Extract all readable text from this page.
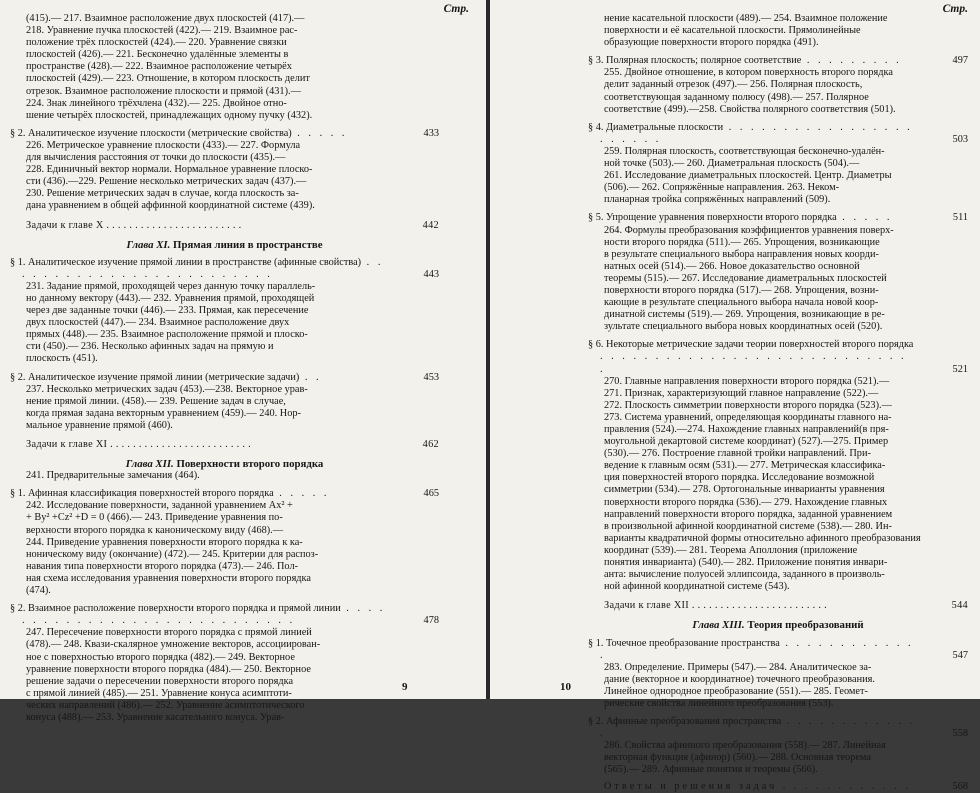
Стр.
(415).— 217. Взаимное расположение двух плоскостей (417).—
218. Уравнение пучка плоскостей (422).— 219. Взаимное рас-
положение трёх плоскостей (424).— 220. Уравнение связки
плоскостей (426).— 221. Бесконечно удалённые элементы в
пространстве (428).— 222. Взаимное расположение четырёх
плоскостей (429).— 223. Отношение, в котором плоскость делит
отрезок. Взаимное расположение плоскости и прямой (431).—
224. Знак линейного трёхчлена (432).— 225. Двойное отно-
шение четырёх плоскостей, принадлежащих одному пучку (432).
§ 2. Аналитическое изучение плоскости (метрические свойства) . . . . .	433
226. Метрическое уравнение плоскости (433).— 227. Формула
для вычисления расстояния от точки до плоскости (435).—
228. Единичный вектор нормали. Нормальное уравнение плоско-
сти (436).—229. Решение несколько метрических задач (437).—
230. Решение метрических задач в случае, когда плоскость за-
дана уравнением в общей аффинной координатной системе (439).
Задачи к главе X . . . . . . . . . . . . . . . . . . . . . . . .	442
Глава XI. Прямая линия в пространстве
§ 1. Аналитическое изучение прямой линии в пространстве (афинные свойства) . . . . . . . . . . . . . . . . . . . . . . . . .	443
231. Задание прямой, проходящей через данную точку параллель-
но данному вектору (443).— 232. Уравнения прямой, проходящей
через две заданные точки (446).— 233. Прямая, как пересечение
двух плоскостей (447).— 234. Взаимное расположение двух
прямых (448).— 235. Взаимное расположение прямой и плоско-
сти (450).— 236. Несколько афинных задач на прямую и
плоскость (451).
§ 2. Аналитическое изучение прямой линии (метрические задачи) . .	453
237. Несколько метрических задач (453).—238. Векторное урав-
нение прямой линии. (458).— 239. Решение задач в случае,
когда прямая задана векторным уравнением (459).— 240. Нор-
мальное уравнение прямой (460).
Задачи к главе XI . . . . . . . . . . . . . . . . . . . . . . . . .	462
Глава XII. Поверхности второго порядка
241. Предварительные замечания (464).
§ 1. Афинная классификация поверхностей второго порядка . . . . .	465
242. Исследование поверхности, заданной уравнением Ax² +
+ By² +Cz² +D = 0 (466).— 243. Приведение уравнения по-
верхности второго порядка к каноническому виду (468).—
244. Приведение уравнения поверхности второго порядка к ка-
ноническому виду (окончание) (472).— 245. Критерии для распоз-
навания типа поверхности второго порядка (473).— 246. Пол-
ная схема исследования уравнения поверхности второго порядка
(474).
§ 2. Взаимное расположение поверхности второго порядка и прямой линии . . . . . . . . . . . . . . . . . . . . . . . . . . . . .	478
247. Пересечение поверхности второго порядка с прямой линией
(478).— 248. Квази-скалярное умножение векторов, ассоциирован-
ное с поверхностью второго порядка (482).— 249. Векторное
уравнение поверхности второго порядка (484).— 250. Векторное
решение задачи о пересечении поверхности второго порядка
с прямой линией (485).— 251. Уравнение конуса асимптоти-
ческих направлений (486).— 252. Уравнение асимптотического
конуса (488).— 253. Уравнение касательного конуса. Урав-
9
Стр.
нение касательной плоскости (489).— 254. Взаимное положение
поверхности и её касательной плоскости. Прямолинейные
образующие поверхности второго порядка (491).
§ 3. Полярная плоскость; полярное соответствие . . . . . . . . .	497
255. Двойное отношение, в котором поверхность второго порядка
делит заданный отрезок (497).— 256. Полярная плоскость,
соответствующая заданному полюсу (498).— 257. Полярное
соответствие (499).—258. Свойства полярного соответствия (501).
§ 4. Диаметральные плоскости . . . . . . . . . . . . . . . . . . . . . . .	503
259. Полярная плоскость, соответствующая бесконечно-удалён-
ной точке (503).— 260. Диаметральная плоскость (504).—
261. Исследование диаметральных плоскостей. Центр. Диаметры
(506).— 262. Сопряжённые направления. 263. Неком-
планарная тройка сопряжённых направлений (509).
§ 5. Упрощение уравнения поверхности второго порядка . . . . .	511
264. Формулы преобразования коэффициентов уравнения поверх-
ности второго порядка (511).— 265. Упрощения, возникающие
в результате специального выбора направления новых коорди-
натных осей (514).— 266. Новое доказательство основной
теоремы (515).— 267. Исследование диаметральных плоскостей
поверхности второго порядка (517).— 268. Упрощения, возни-
кающие в результате специального выбора начала новой коор-
динатной системы (519).— 269. Упрощения, возникающие в ре-
зультате специального выбора новых координатных осей (520).
§ 6. Некоторые метрические задачи теории поверхностей второго порядка . . . . . . . . . . . . . . . . . . . . . . . . . . . . .	521
270. Главные направления поверхности второго порядка (521).—
271. Признак, характеризующий главное направление (522).—
272. Плоскость симметрии поверхности второго порядка (523).—
273. Система уравнений, определяющая координаты главного на-
правления (524).—274. Нахождение главных направлений(в пря-
моугольной декартовой системе координат) (527).—275. Пример
(530).— 276. Построение главной тройки направлений. При-
ведение к главным осям (531).— 277. Метрическая классифика-
ция поверхностей второго порядка. Исследование возможной
симметрии (534).— 278. Ортогональные инварианты уравнения
поверхности второго порядка (536).— 279. Нахождение главных
направлений поверхности второго порядка, заданной уравнением
в произвольной афинной координатной системе (538).— 280. Ин-
варианты квадратичной формы относительно афинного преобразования
координат (539).— 281. Теорема Аполлония (приложение
понятия инварианта) (540).— 282. Приложение понятия инвари-
анта: вычисление полуосей эллипсоида, заданного в произволь-
ной афинной координатной системе (543).
Задачи к главе XII . . . . . . . . . . . . . . . . . . . . . . . .	544
Глава XIII. Теория преобразований
§ 1. Точечное преобразование пространства . . . . . . . . . . . . .	547
283. Определение. Примеры (547).— 284. Аналитическое за-
дание (векторное и координатное) точечного преобразования.
Линейное однородное преобразование (551).— 285. Геомет-
рические свойства линейного преобразования (553).
§ 2. Афинные преобразования пространства . . . . . . . . . . . . .	558
286. Свойства афинного преобразования (558).— 287. Линейная
векторная функция (афинор) (560).— 288. Основная теорема
(565).— 289. Афинные понятия и теоремы (566).
Ответы и решения задач . . . . . . . . . . . .	568
10
